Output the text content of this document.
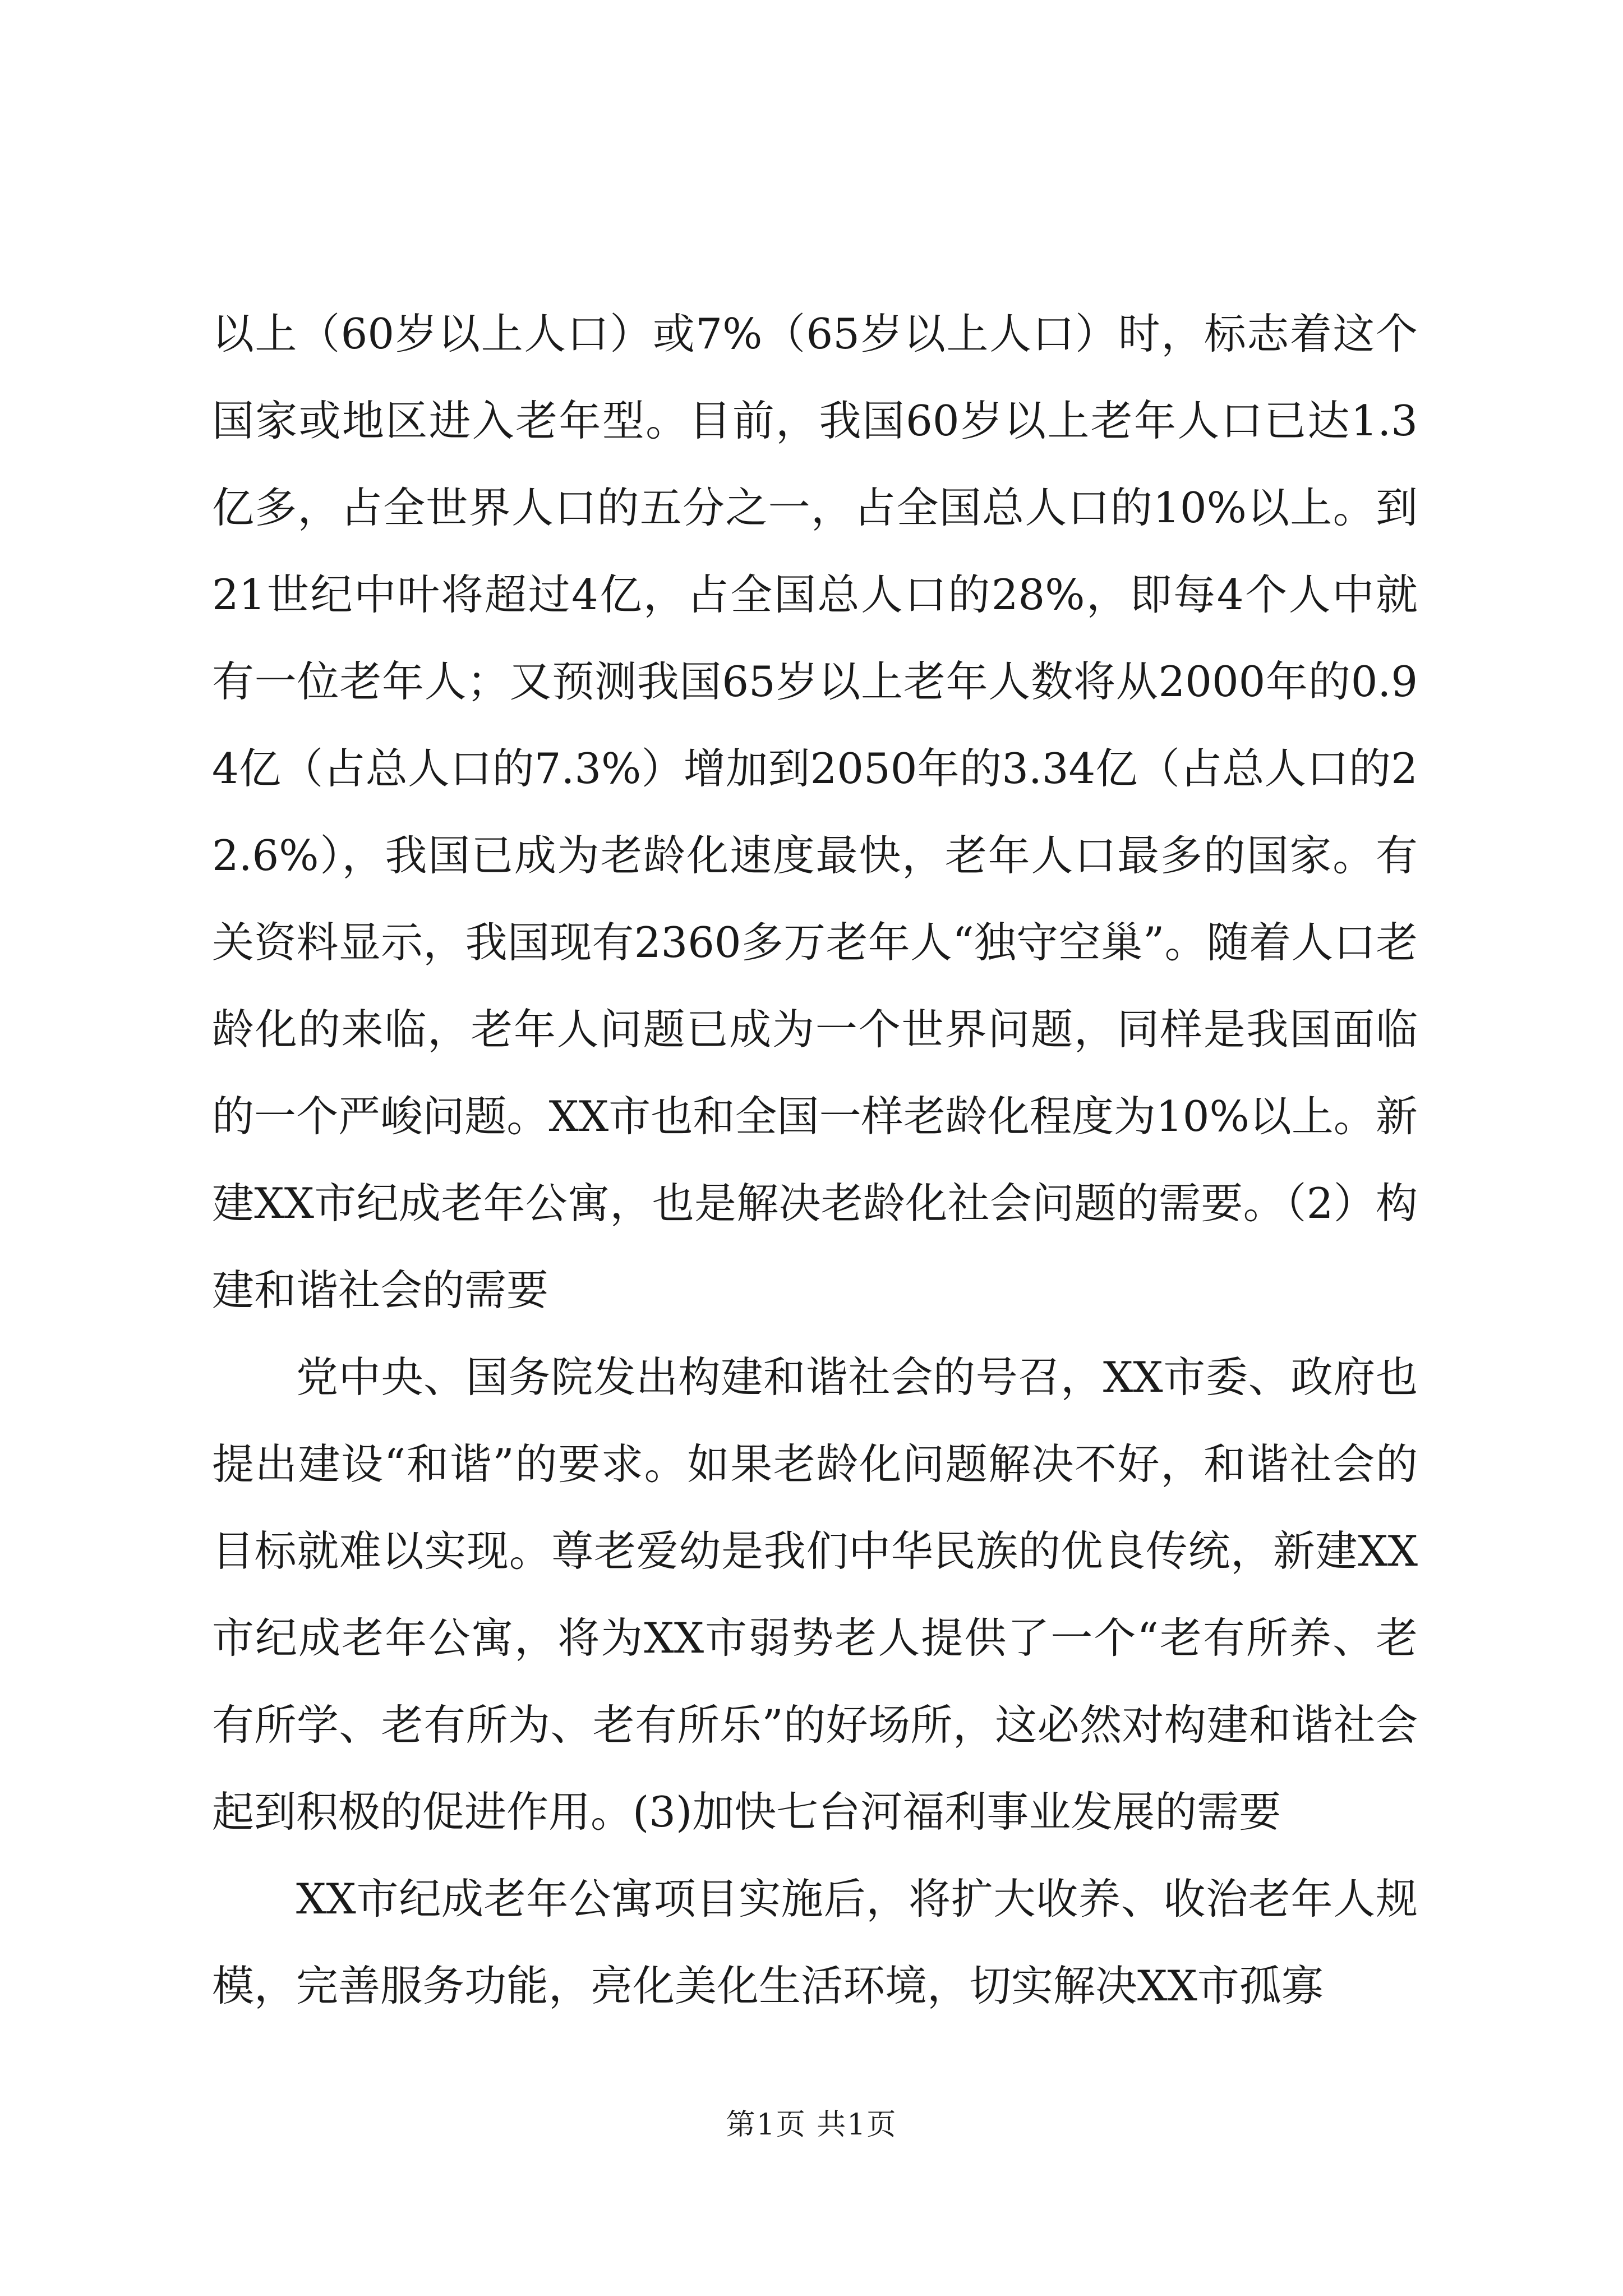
以上（60岁以上人口）或7%（65岁以上人口）时，标志着这个国家或地区进入老年型。目前，我国60岁以上老年人口已达1.3亿多，占全世界人口的五分之一，占全国总人口的10%以上。到21世纪中叶将超过4亿，占全国总人口的28%，即每4个人中就有一位老年人；又预测我国65岁以上老年人数将从2000年的0.94亿（占总人口的7.3%）增加到2050年的3.34亿（占总人口的22.6%），我国已成为老龄化速度最快，老年人口最多的国家。有关资料显示，我国现有2360多万老年人“独守空巢”。随着人口老龄化的来临，老年人问题已成为一个世界问题，同样是我国面临的一个严峻问题。XX市也和全国一样老龄化程度为10%以上。新建XX市纪成老年公寓，也是解决老龄化社会问题的需要。（2）构建和谐社会的需要

党中央、国务院发出构建和谐社会的号召，XX市委、政府也提出建设“和谐”的要求。如果老龄化问题解决不好，和谐社会的目标就难以实现。尊老爱幼是我们中华民族的优良传统，新建XX市纪成老年公寓，将为XX市弱势老人提供了一个“老有所养、老有所学、老有所为、老有所乐”的好场所，这必然对构建和谐社会起到积极的促进作用。(3)加快七台河福利事业发展的需要

XX市纪成老年公寓项目实施后，将扩大收养、收治老年人规模，完善服务功能，亮化美化生活环境，切实解决XX市孤寡

第1页 共1页
